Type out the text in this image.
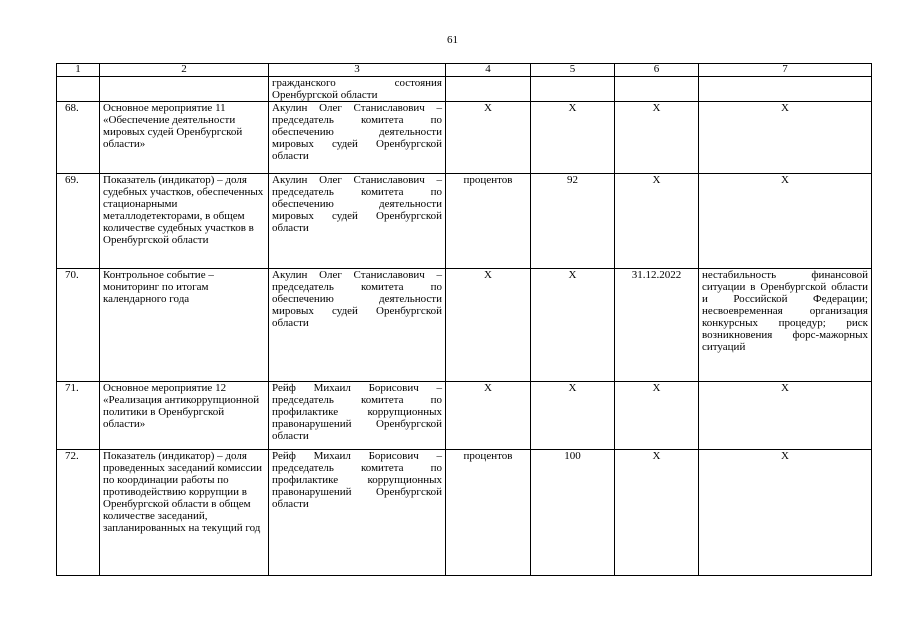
61
1	2	3	4	5	6	7
		гражданского состояния Оренбургской области				
68.	Основное мероприятие 11 «Обеспечение деятельности мировых судей Оренбургской области»	Акулин Олег Станиславович – председатель комитета по обеспечению деятельности мировых судей Оренбургской области	Х	Х	Х	Х
69.	Показатель (индикатор) – доля судебных участков, обеспеченных стационарными металлодетекторами, в общем количестве судебных участков в Оренбургской области	Акулин Олег Станиславович – председатель комитета по обеспечению деятельности мировых судей Оренбургской области	процентов	92	Х	Х
70.	Контрольное событие – мониторинг по итогам календарного года	Акулин Олег Станиславович – председатель комитета по обеспечению деятельности мировых судей Оренбургской области	Х	Х	31.12.2022	нестабильность финансовой ситуации в Оренбургской области и Российской Федерации; несвоевременная организация конкурсных процедур; риск возникновения форс-мажорных ситуаций
71.	Основное мероприятие 12 «Реализация антикоррупционной политики в Оренбургской области»	Рейф Михаил Борисович – председатель комитета по профилактике коррупционных правонарушений Оренбургской области	Х	Х	Х	Х
72.	Показатель (индикатор) – доля проведенных заседаний комиссии по координации работы по противодействию коррупции в Оренбургской области в общем количестве заседаний, запланированных на текущий год	Рейф Михаил Борисович – председатель комитета по профилактике коррупционных правонарушений Оренбургской области	процентов	100	Х	Х
